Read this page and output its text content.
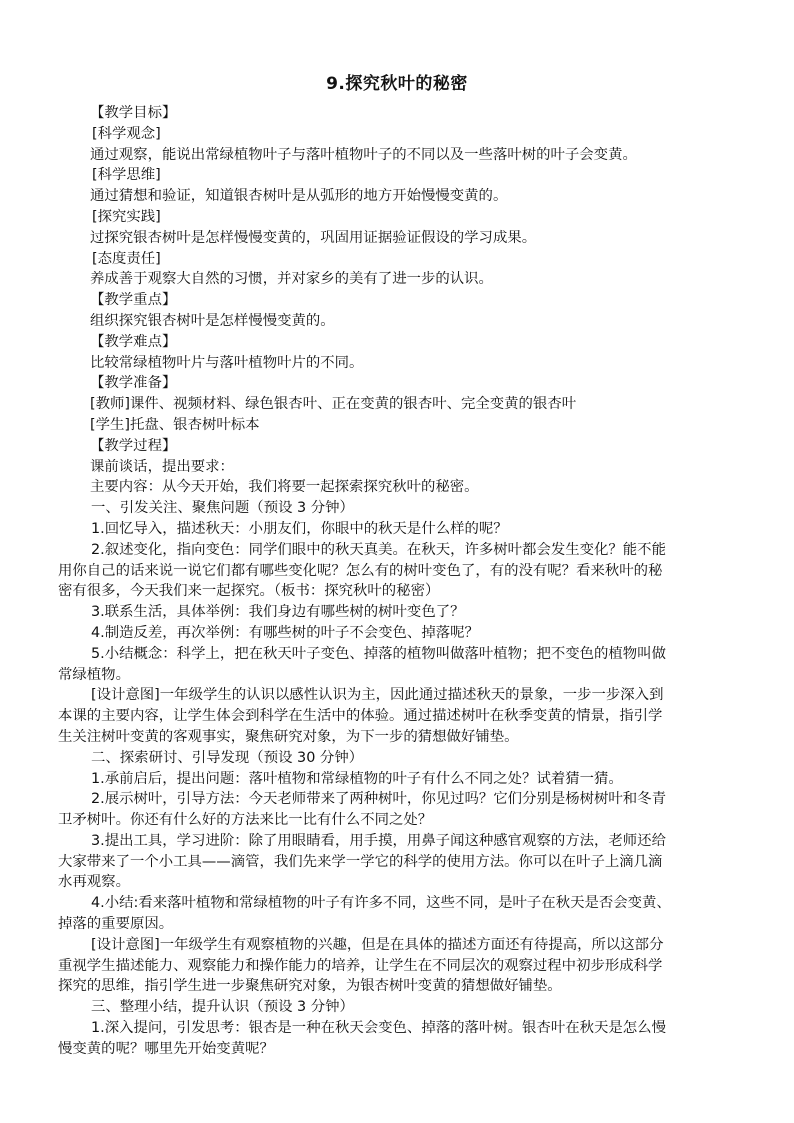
9.探究秋叶的秘密
【教学目标】
[科学观念]
通过观察，能说出常绿植物叶子与落叶植物叶子的不同以及一些落叶树的叶子会变黄。
[科学思维]
通过猜想和验证，知道银杏树叶是从弧形的地方开始慢慢变黄的。
[探究实践]
过探究银杏树叶是怎样慢慢变黄的，巩固用证据验证假设的学习成果。
[态度责任]
养成善于观察大自然的习惯，并对家乡的美有了进一步的认识。
【教学重点】
组织探究银杏树叶是怎样慢慢变黄的。
【教学难点】
比较常绿植物叶片与落叶植物叶片的不同。
【教学准备】
[教师]课件、视频材料、绿色银杏叶、正在变黄的银杏叶、完全变黄的银杏叶
[学生]托盘、银杏树叶标本
【教学过程】
课前谈话，提出要求：
主要内容：从今天开始，我们将要一起探索探究秋叶的秘密。
一、引发关注、聚焦问题（预设 3 分钟）
1.回忆导入，描述秋天：小朋友们，你眼中的秋天是什么样的呢？
2.叙述变化，指向变色：同学们眼中的秋天真美。在秋天，许多树叶都会发生变化？能不能
用你自己的话来说一说它们都有哪些变化呢？怎么有的树叶变色了，有的没有呢？看来秋叶的秘
密有很多，今天我们来一起探究。（板书：探究秋叶的秘密）
3.联系生活，具体举例：我们身边有哪些树的树叶变色了？
4.制造反差，再次举例：有哪些树的叶子不会变色、掉落呢？
5.小结概念：科学上，把在秋天叶子变色、掉落的植物叫做落叶植物；把不变色的植物叫做
常绿植物。
[设计意图]一年级学生的认识以感性认识为主，因此通过描述秋天的景象，一步一步深入到
本课的主要内容，让学生体会到科学在生活中的体验。通过描述树叶在秋季变黄的情景，指引学
生关注树叶变黄的客观事实，聚焦研究对象，为下一步的猜想做好铺垫。
二、探索研讨、引导发现（预设 30 分钟）
1.承前启后，提出问题：落叶植物和常绿植物的叶子有什么不同之处？试着猜一猜。
2.展示树叶，引导方法：今天老师带来了两种树叶，你见过吗？它们分别是杨树树叶和冬青
卫矛树叶。你还有什么好的方法来比一比有什么不同之处？
3.提出工具，学习进阶：除了用眼睛看，用手摸，用鼻子闻这种感官观察的方法，老师还给
大家带来了一个小工具——滴管，我们先来学一学它的科学的使用方法。你可以在叶子上滴几滴
水再观察。
4.小结:看来落叶植物和常绿植物的叶子有许多不同，这些不同，是叶子在秋天是否会变黄、
掉落的重要原因。
[设计意图]一年级学生有观察植物的兴趣，但是在具体的描述方面还有待提高，所以这部分
重视学生描述能力、观察能力和操作能力的培养，让学生在不同层次的观察过程中初步形成科学
探究的思维，指引学生进一步聚焦研究对象，为银杏树叶变黄的猜想做好铺垫。
三、整理小结，提升认识（预设 3 分钟）
1.深入提问，引发思考：银杏是一种在秋天会变色、掉落的落叶树。银杏叶在秋天是怎么慢
慢变黄的呢？哪里先开始变黄呢？
